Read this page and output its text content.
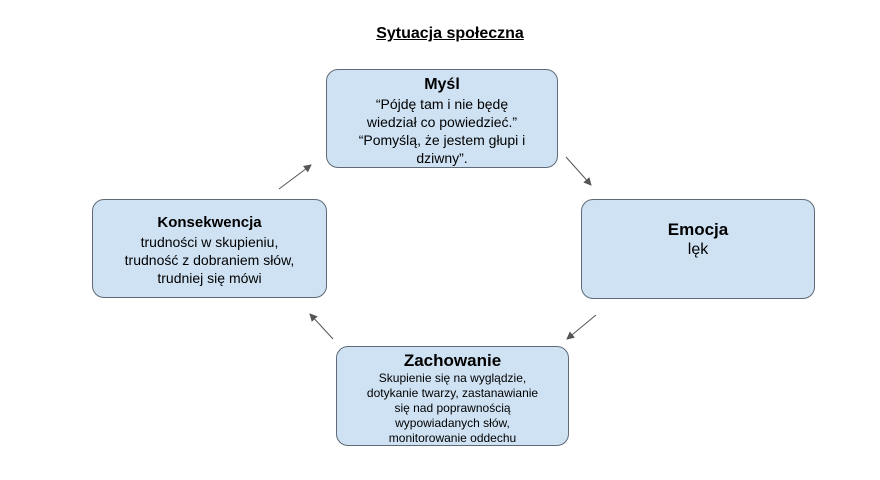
Sytuacja społeczna
Myśl
“Pójdę tam i nie będę
wiedział co powiedzieć.”
“Pomyślą, że jestem głupi i
dziwny”.
Emocja
lęk
Zachowanie
Skupienie się na wyglądzie,
dotykanie twarzy, zastanawianie
się nad poprawnością
wypowiadanych słów,
monitorowanie oddechu
Konsekwencja
trudności w skupieniu,
trudność z dobraniem słów,
trudniej się mówi
